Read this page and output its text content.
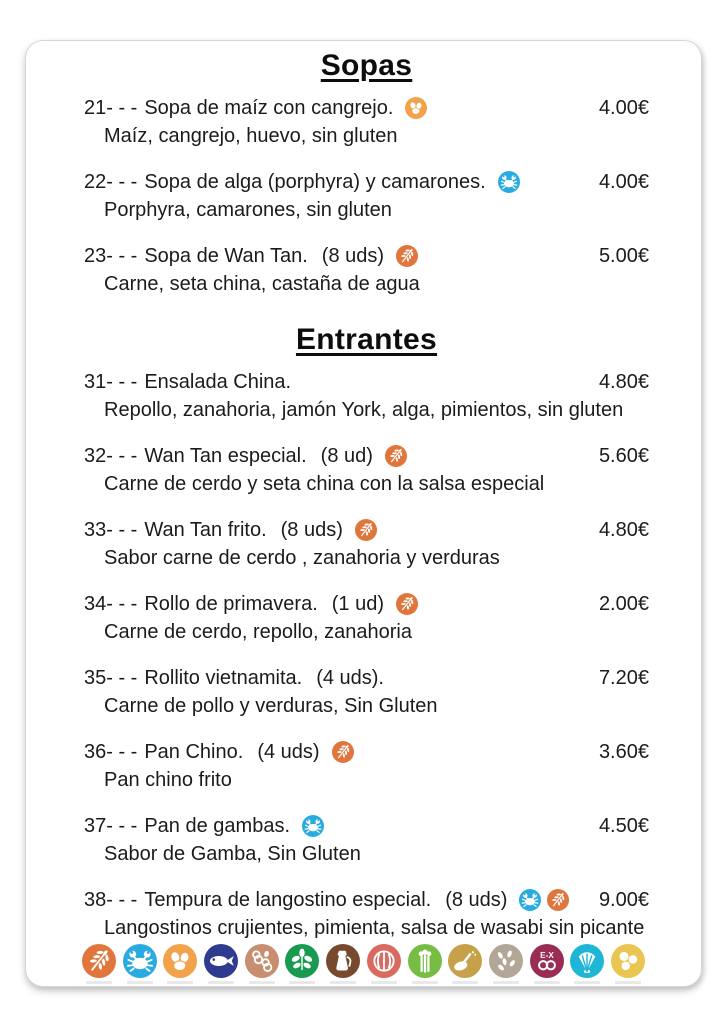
Sopas
21- - - Sopa de maíz con cangrejo.	4.00€
Maíz, cangrejo, huevo, sin gluten
22- - - Sopa de alga (porphyra) y camarones.	4.00€
Porphyra, camarones, sin gluten
23- - - Sopa de Wan Tan. (8 uds)	5.00€
Carne, seta china, castaña de agua
Entrantes
31- - - Ensalada China.	4.80€
Repollo, zanahoria, jamón York, alga, pimientos, sin gluten
32- - - Wan Tan especial. (8 ud)	5.60€
Carne de cerdo y seta china con la salsa especial
33- - - Wan Tan frito. (8 uds)	4.80€
Sabor carne de cerdo , zanahoria y verduras
34- - - Rollo de primavera. (1 ud)	2.00€
Carne de cerdo, repollo, zanahoria
35- - - Rollito vietnamita. (4 uds).	7.20€
Carne de pollo y verduras, Sin Gluten
36- - - Pan Chino. (4 uds)	3.60€
Pan chino frito
37- - - Pan de gambas.	4.50€
Sabor de Gamba, Sin Gluten
38- - - Tempura de langostino especial. (8 uds)	9.00€
Langostinos crujientes, pimienta, salsa de wasabi sin picante
